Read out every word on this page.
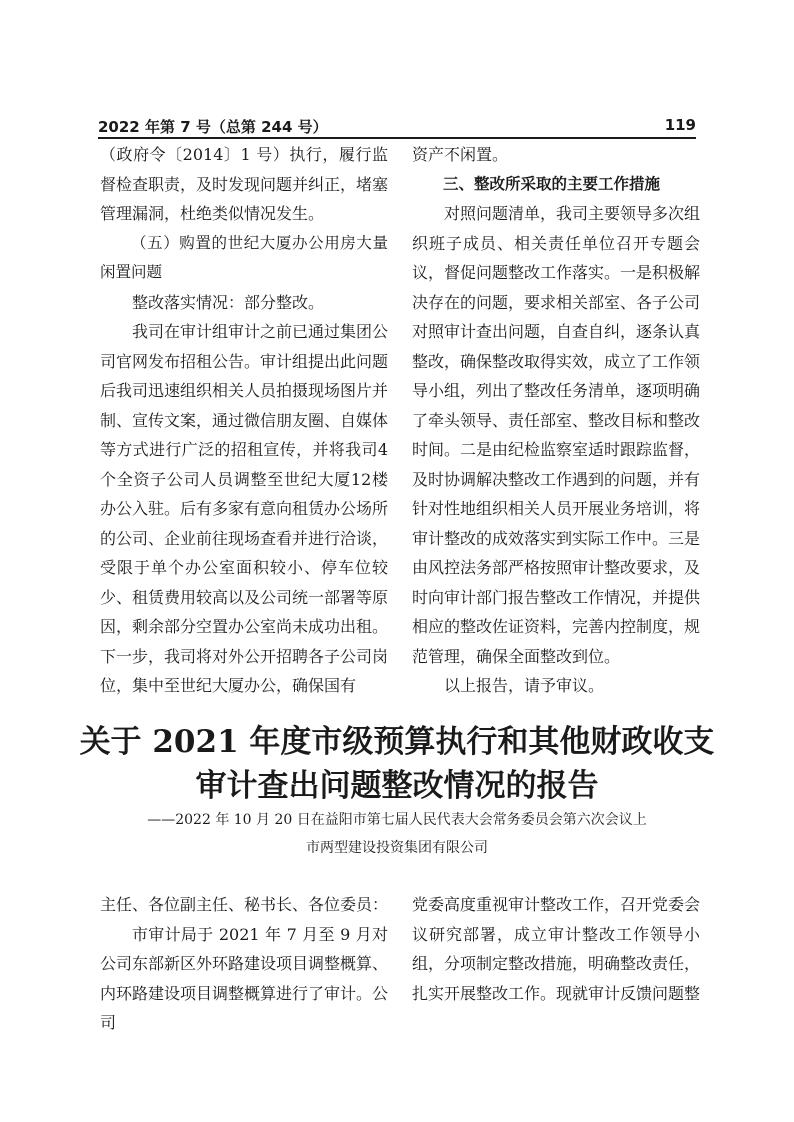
2022 年第 7 号（总第 244 号）	119

（政府令〔2014〕1 号）执行，履行监督检查职责，及时发现问题并纠正，堵塞管理漏洞，杜绝类似情况发生。

（五）购置的世纪大厦办公用房大量闲置问题

整改落实情况：部分整改。

我司在审计组审计之前已通过集团公司官网发布招租公告。审计组提出此问题后我司迅速组织相关人员拍摄现场图片并制、宣传文案，通过微信朋友圈、自媒体等方式进行广泛的招租宣传，并将我司4个全资子公司人员调整至世纪大厦12楼办公入驻。后有多家有意向租赁办公场所的公司、企业前往现场查看并进行洽谈，受限于单个办公室面积较小、停车位较少、租赁费用较高以及公司统一部署等原因，剩余部分空置办公室尚未成功出租。下一步，我司将对外公开招聘各子公司岗位，集中至世纪大厦办公，确保国有

资产不闲置。

三、整改所采取的主要工作措施

对照问题清单，我司主要领导多次组织班子成员、相关责任单位召开专题会议，督促问题整改工作落实。一是积极解决存在的问题，要求相关部室、各子公司对照审计查出问题，自查自纠，逐条认真整改，确保整改取得实效，成立了工作领导小组，列出了整改任务清单，逐项明确了牵头领导、责任部室、整改目标和整改时间。二是由纪检监察室适时跟踪监督，及时协调解决整改工作遇到的问题，并有针对性地组织相关人员开展业务培训，将审计整改的成效落实到实际工作中。三是由风控法务部严格按照审计整改要求，及时向审计部门报告整改工作情况，并提供相应的整改佐证资料，完善内控制度，规范管理，确保全面整改到位。

以上报告，请予审议。

关于 2021 年度市级预算执行和其他财政收支
审计查出问题整改情况的报告
——2022 年 10 月 20 日在益阳市第七届人民代表大会常务委员会第六次会议上
市两型建设投资集团有限公司

主任、各位副主任、秘书长、各位委员：

市审计局于 2021 年 7 月至 9 月对公司东部新区外环路建设项目调整概算、内环路建设项目调整概算进行了审计。公司

党委高度重视审计整改工作，召开党委会议研究部署，成立审计整改工作领导小组，分项制定整改措施，明确整改责任，扎实开展整改工作。现就审计反馈问题整
